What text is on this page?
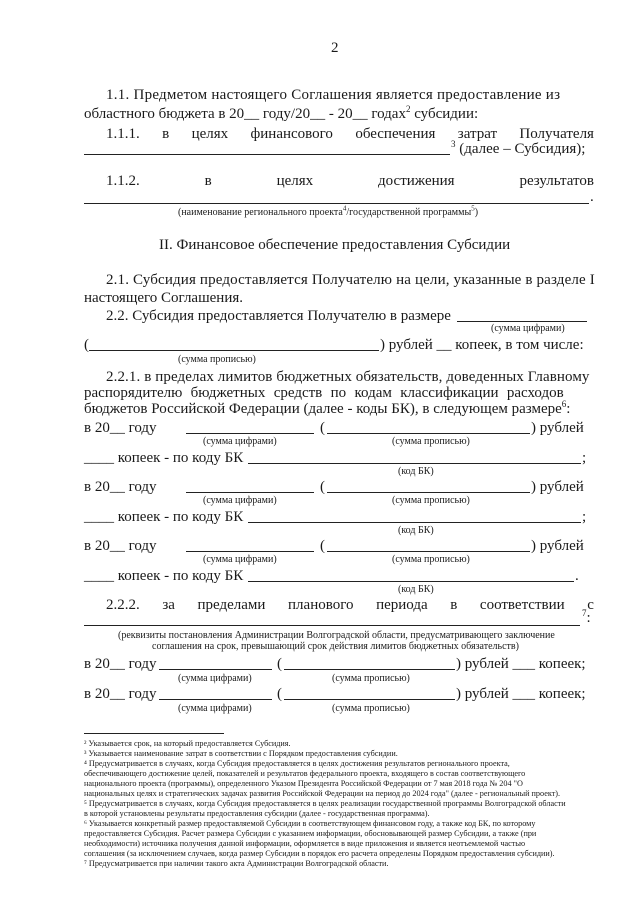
2
1.1. Предметом настоящего Соглашения является предоставление из
областного бюджета в 20__ году/20__ - 20__ годах$^2$ субсидии:
1.1.1. в целях финансового обеспечения затрат Получателя
$^3$ (далее – Субсидия);
1.1.2.	в	целях	достижения	результатов
.
(наименование регионального проекта$^4$/государственной программы$^5$)
II. Финансовое обеспечение предоставления Субсидии
2.1. Субсидия предоставляется Получателю на цели, указанные в разделе I
настоящего Соглашения.
2.2. Субсидия предоставляется Получателю в размере
(сумма цифрами)
(	) рублей __ копеек, в том числе:
(сумма прописью)
2.2.1. в пределах лимитов бюджетных обязательств, доведенных Главному
распорядителю бюджетных средств по кодам классификации расходов
бюджетов Российской Федерации (далее - коды БК), в следующем размере$^6$:
в 20__ году	(	) рублей
(сумма цифрами)	(сумма прописью)
____ копеек - по коду БК	;
(код БК)
в 20__ году	(	) рублей
(сумма цифрами)	(сумма прописью)
____ копеек - по коду БК	;
(код БК)
в 20__ году	(	) рублей
(сумма цифрами)	(сумма прописью)
____ копеек - по коду БК	.
(код БК)
2.2.2. за пределами планового периода в соответствии с
$^7$:
(реквизиты постановления Администрации Волгоградской области, предусматривающего заключение
соглашения на срок, превышающий срок действия лимитов бюджетных обязательств)
в 20__ году	(	) рублей ___ копеек;
(сумма цифрами)	(сумма прописью)
в 20__ году	(	) рублей ___ копеек;
(сумма цифрами)	(сумма прописью)
² Указывается срок, на который предоставляется Субсидия.
³ Указывается наименование затрат в соответствии с Порядком предоставления субсидии.
⁴ Предусматривается в случаях, когда Субсидия предоставляется в целях достижения результатов регионального проекта,
обеспечивающего достижение целей, показателей и результатов федерального проекта, входящего в состав соответствующего
национального проекта (программы), определенного Указом Президента Российской Федерации от 7 мая 2018 года № 204 "О
национальных целях и стратегических задачах развития Российской Федерации на период до 2024 года" (далее - региональный проект).
⁵ Предусматривается в случаях, когда Субсидия предоставляется в целях реализации государственной программы Волгоградской области
в которой установлены результаты предоставления субсидии (далее - государственная программа).
⁶ Указывается конкретный размер предоставляемой Субсидии в соответствующем финансовом году, а также код БК, по которому
предоставляется Субсидия. Расчет размера Субсидии с указанием информации, обосновывающей размер Субсидии, а также (при
необходимости) источника получения данной информации, оформляется в виде приложения и является неотъемлемой частью
соглашения (за исключением случаев, когда размер Субсидии в порядок его расчета определены Порядком предоставления субсидии).
⁷ Предусматривается при наличии такого акта Администрации Волгоградской области.
